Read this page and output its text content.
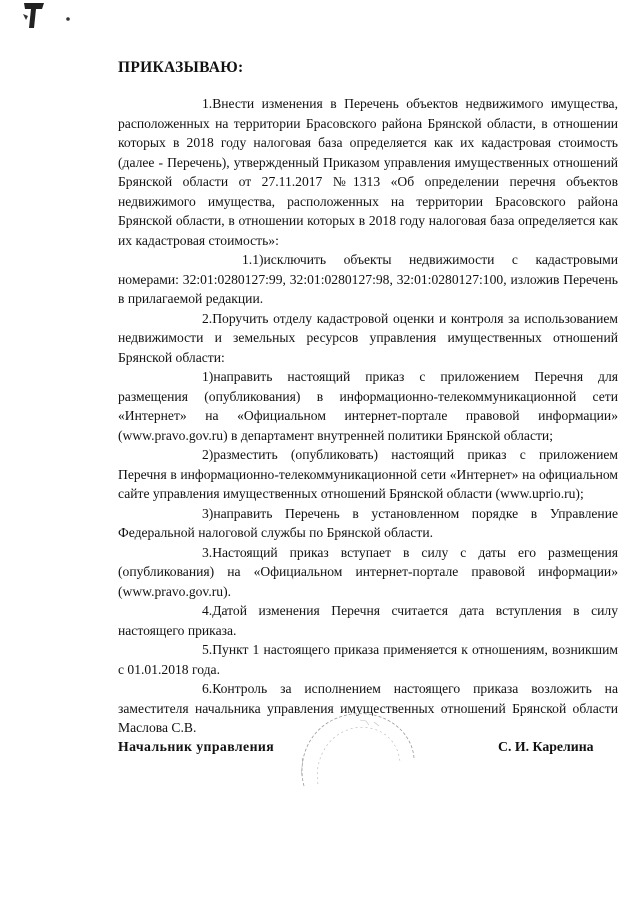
ПРИКАЗЫВАЮ:

1.Внести изменения в Перечень объектов недвижимого имущества, расположенных на территории Брасовского района Брянской области, в отношении которых в 2018 году налоговая база определяется как их кадастровая стоимость (далее - Перечень), утвержденный Приказом управления имущественных отношений Брянской области от 27.11.2017 №1313 «Об определении перечня объектов недвижимого имущества, расположенных на территории Брасовского района Брянской области, в отношении которых в 2018 году налоговая база определяется как их кадастровая стоимость»:

1.1)исключить объекты недвижимости с кадастровыми номерами: 32:01:0280127:99, 32:01:0280127:98, 32:01:0280127:100, изложив Перечень в прилагаемой редакции.

2.Поручить отделу кадастровой оценки и контроля за использованием недвижимости и земельных ресурсов управления имущественных отношений Брянской области:

1)направить настоящий приказ с приложением Перечня для размещения (опубликования) в информационно-телекоммуникационной сети «Интернет» на «Официальном интернет-портале правовой информации» (www.pravo.gov.ru) в департамент внутренней политики Брянской области;

2)разместить (опубликовать) настоящий приказ с приложением Перечня в информационно-телекоммуникационной сети «Интернет» на официальном сайте управления имущественных отношений Брянской области (www.uprio.ru);

3)направить Перечень в установленном порядке в Управление Федеральной налоговой службы по Брянской области.

3.Настоящий приказ вступает в силу с даты его размещения (опубликования) на «Официальном интернет-портале правовой информации» (www.pravo.gov.ru).

4.Датой изменения Перечня считается дата вступления в силу настоящего приказа.

5.Пункт 1 настоящего приказа применяется к отношениям, возникшим с 01.01.2018 года.

6.Контроль за исполнением настоящего приказа возложить на заместителя начальника управления имущественных отношений Брянской области Маслова С.В.

Начальник управления	С. И. Карелина
